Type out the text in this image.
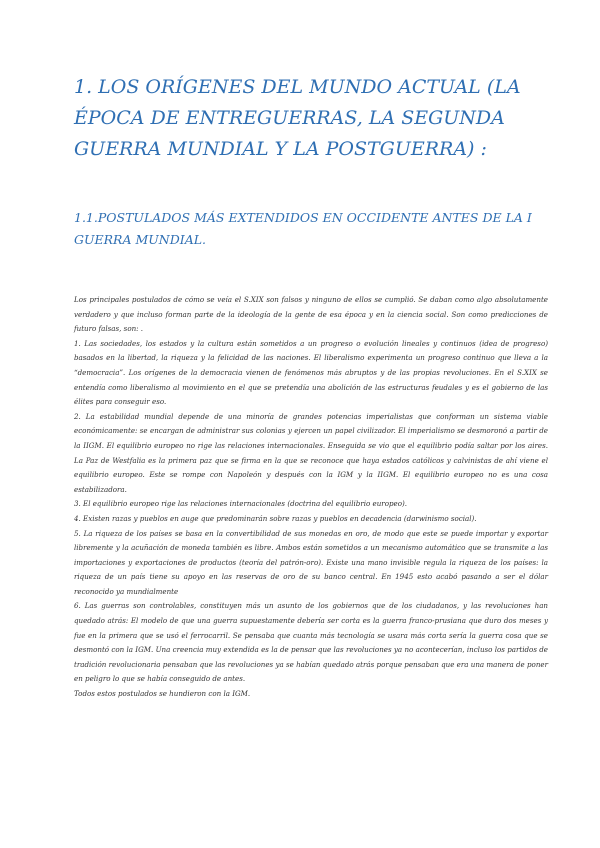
1. LOS ORÍGENES DEL MUNDO ACTUAL (LA ÉPOCA DE ENTREGUERRAS, LA SEGUNDA GUERRA MUNDIAL Y LA POSTGUERRA) :
1.1.POSTULADOS MÁS EXTENDIDOS EN OCCIDENTE ANTES DE LA I GUERRA MUNDIAL.

Los principales postulados de cómo se veía el S.XIX son falsos y ninguno de ellos se cumplió. Se daban como algo absolutamente verdadero y que incluso forman parte de la ideología de la gente de esa época y en la ciencia social. Son como predicciones de futuro falsas, son: .

1. Las sociedades, los estados y la cultura están sometidos a un progreso o evolución lineales y continuos (idea de progreso) basados en la libertad, la riqueza y la felicidad de las naciones. El liberalismo experimenta un progreso continuo que lleva a la “democracia”. Los orígenes de la democracia vienen de fenómenos más abruptos y de las propias revoluciones. En el S.XIX se entendía como liberalismo al movimiento en el que se pretendía una abolición de las estructuras feudales y es el gobierno de las élites para conseguir eso.

2. La estabilidad mundial depende de una minoría de grandes potencias imperialistas que conforman un sistema viable económicamente: se encargan de administrar sus colonias y ejercen un papel civilizador. El imperialismo se desmoronó a partir de la IIGM. El equilibrio europeo no rige las relaciones internacionales. Enseguida se vio que el equilibrio podía saltar por los aires. La Paz de Westfalia es la primera paz que se firma en la que se reconoce que haya estados católicos y calvinistas de ahí viene el equilibrio europeo. Este se rompe con Napoleón y después con la IGM y la IIGM. El equilibrio europeo no es una cosa estabilizadora.

3. El equilibrio europeo rige las relaciones internacionales (doctrina del equilibrio europeo).

4. Existen razas y pueblos en auge que predominarán sobre razas y pueblos en decadencia (darwinismo social).

5. La riqueza de los países se basa en la convertibilidad de sus monedas en oro, de modo que este se puede importar y exportar libremente y la acuñación de moneda también es libre. Ambos están sometidos a un mecanismo automático que se transmite a las importaciones y exportaciones de productos (teoría del patrón-oro). Existe una mano invisible regula la riqueza de los países: la riqueza de un país tiene su apoyo en las reservas de oro de su banco central. En 1945 esto acabó pasando a ser el dólar reconocido ya mundialmente

6. Las guerras son controlables, constituyen más un asunto de los gobiernos que de los ciudadanos, y las revoluciones han quedado atrás: El modelo de que una guerra supuestamente debería ser corta es la guerra franco-prusiana que duro dos meses y fue en la primera que se usó el ferrocarril. Se pensaba que cuanta más tecnología se usara más corta sería la guerra cosa que se desmontó con la IGM. Una creencia muy extendida es la de pensar que las revoluciones ya no acontecerían, incluso los partidos de tradición revolucionaria pensaban que las revoluciones ya se habían quedado atrás porque pensaban que era una manera de poner en peligro lo que se había conseguido de antes.

Todos estos postulados se hundieron con la IGM.
